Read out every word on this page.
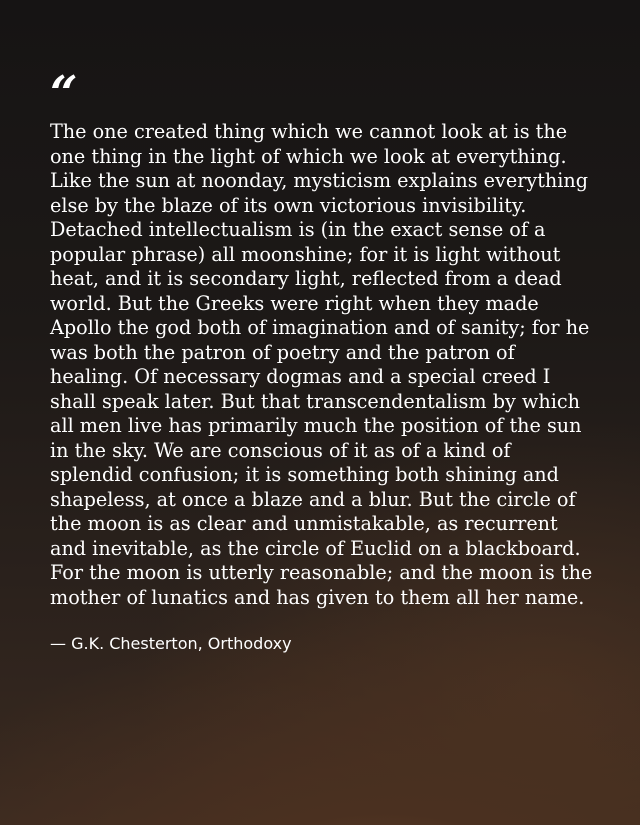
“

The one created thing which we cannot look at is the one thing in the light of which we look at everything. Like the sun at noonday, mysticism explains everything else by the blaze of its own victorious invisibility. Detached intellectualism is (in the exact sense of a popular phrase) all moonshine; for it is light without heat, and it is secondary light, reflected from a dead world. But the Greeks were right when they made Apollo the god both of imagination and of sanity; for he was both the patron of poetry and the patron of healing. Of necessary dogmas and a special creed I shall speak later. But that transcendentalism by which all men live has primarily much the position of the sun in the sky. We are conscious of it as of a kind of splendid confusion; it is something both shining and shapeless, at once a blaze and a blur. But the circle of the moon is as clear and unmistakable, as recurrent and inevitable, as the circle of Euclid on a blackboard. For the moon is utterly reasonable; and the moon is the mother of lunatics and has given to them all her name.

— G.K. Chesterton, Orthodoxy
